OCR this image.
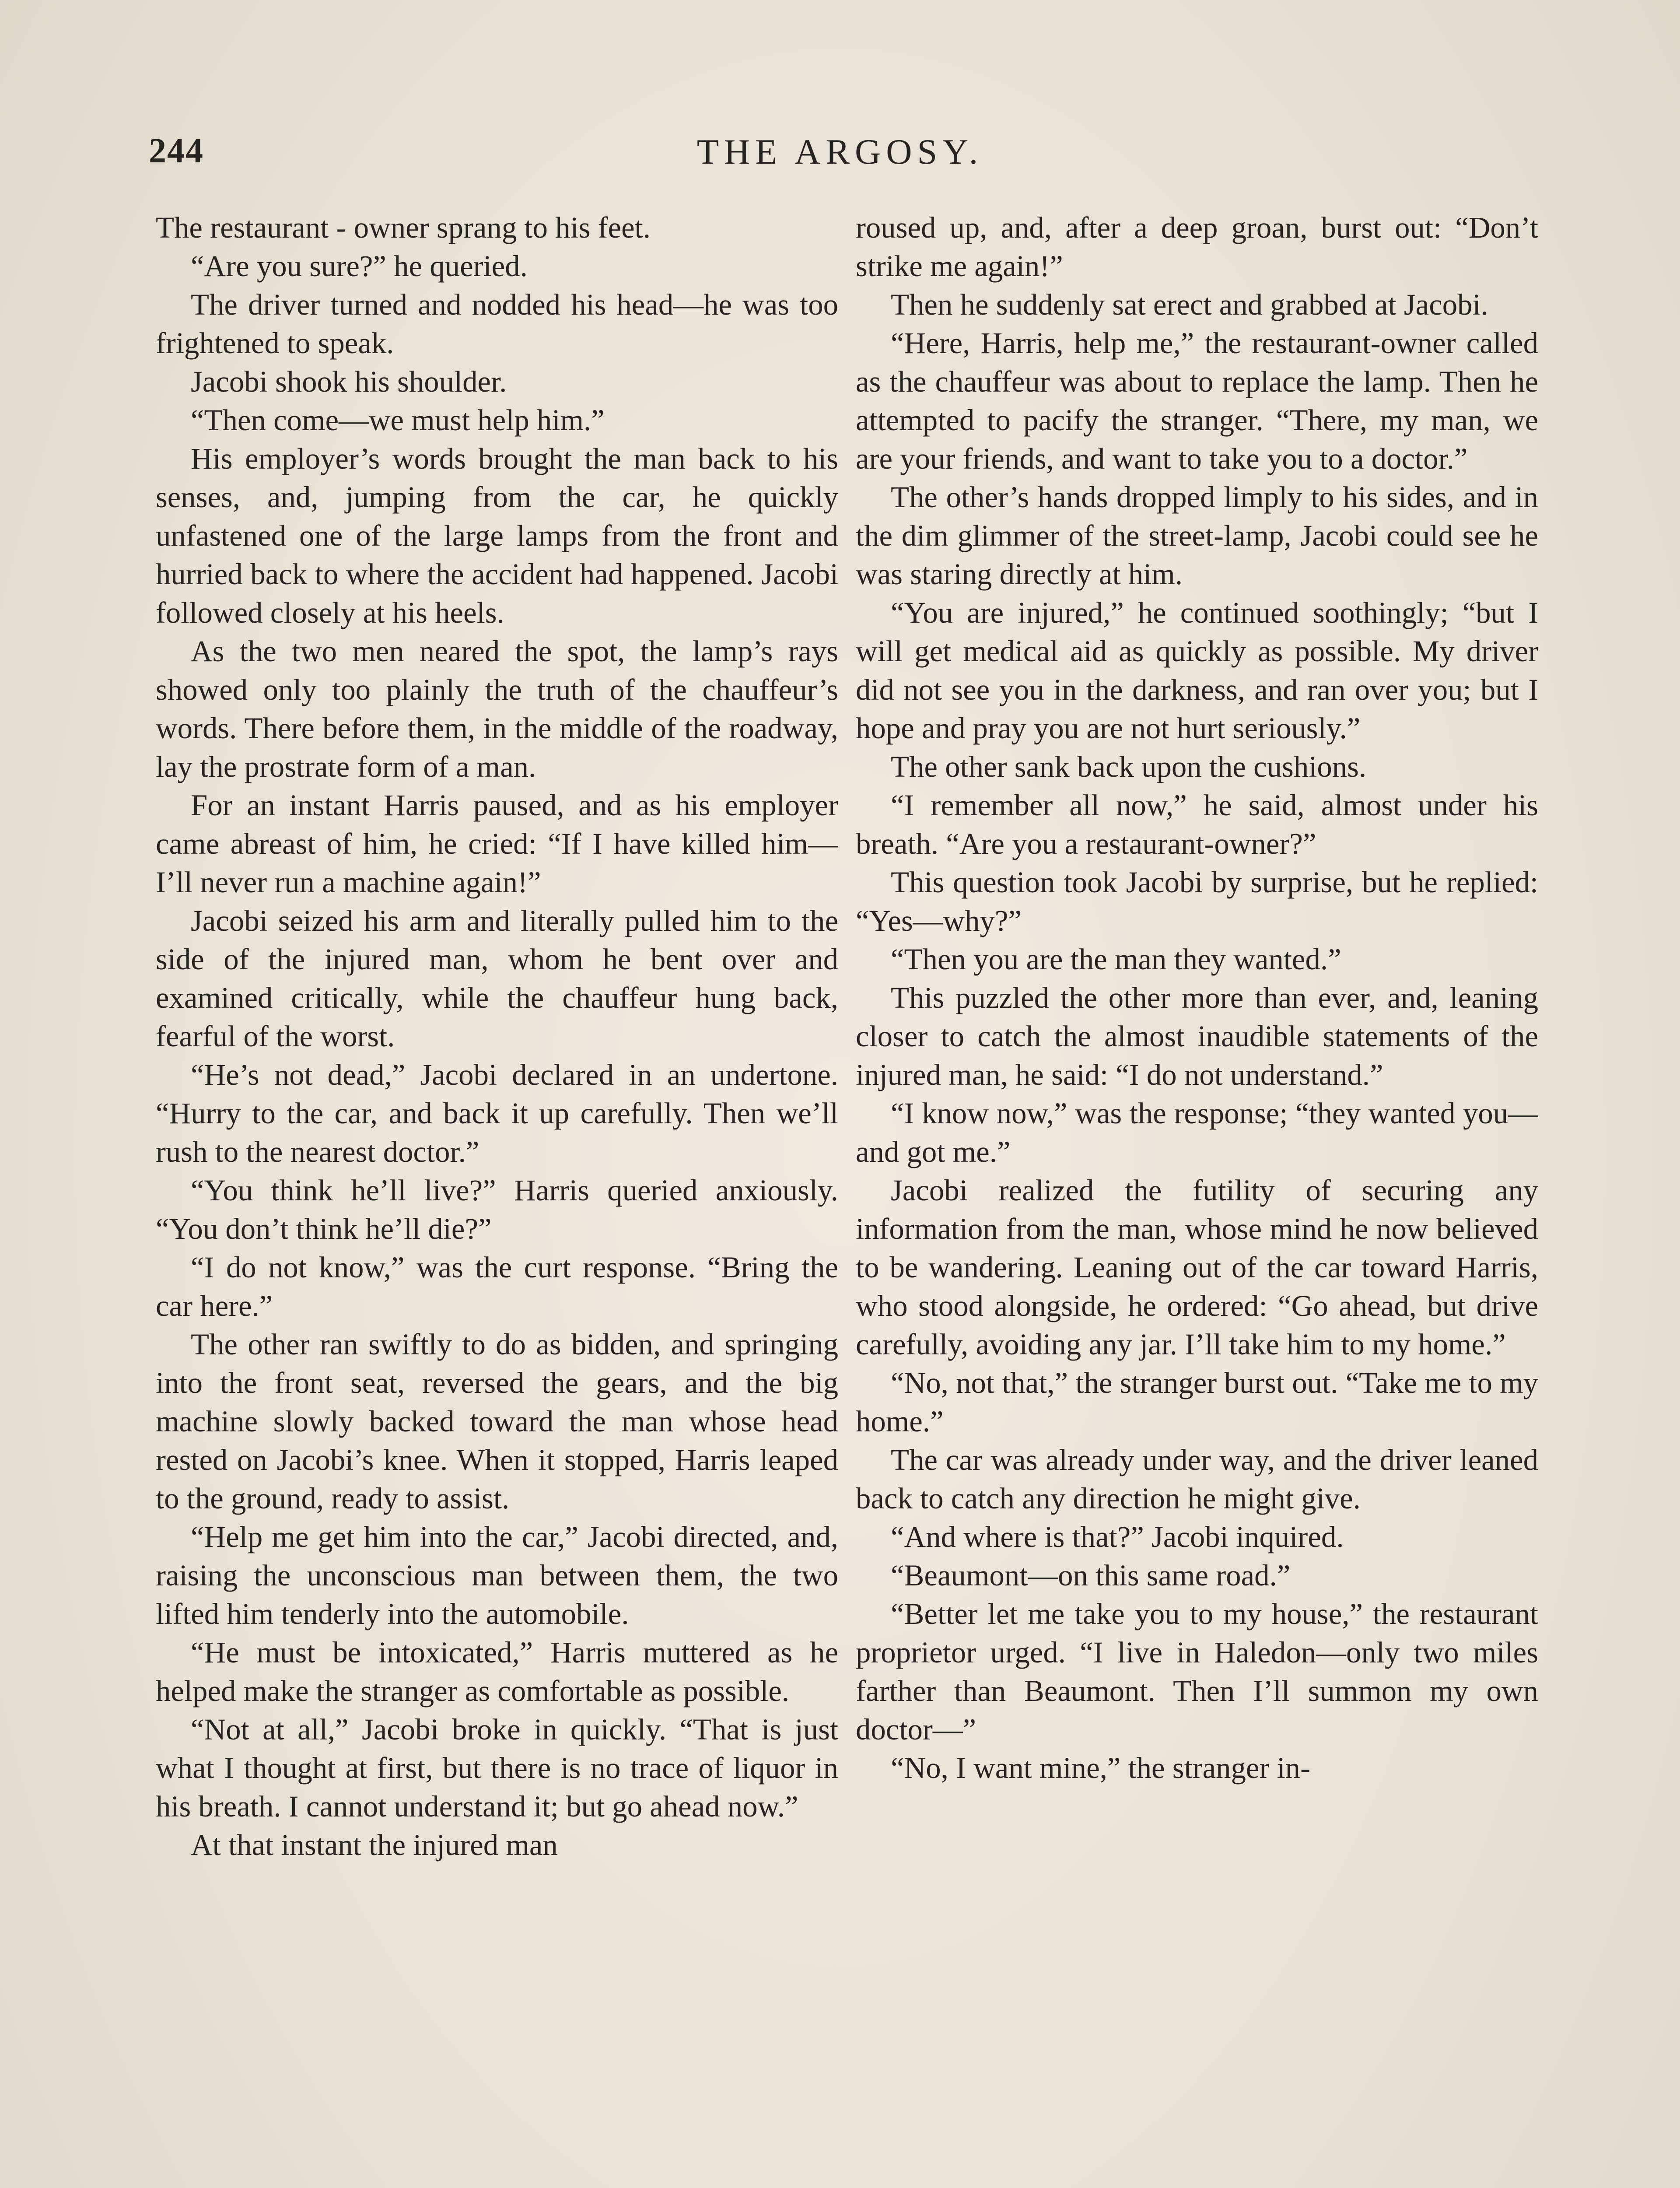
244	THE ARGOSY.

The restaurant - owner sprang to his feet.

“Are you sure?” he queried.

The driver turned and nodded his head—he was too frightened to speak.

Jacobi shook his shoulder.

“Then come—we must help him.”

His employer’s words brought the man back to his senses, and, jumping from the car, he quickly unfastened one of the large lamps from the front and hurried back to where the accident had happened. Jacobi followed closely at his heels.

As the two men neared the spot, the lamp’s rays showed only too plainly the truth of the chauffeur’s words. There before them, in the middle of the roadway, lay the prostrate form of a man.

For an instant Harris paused, and as his employer came abreast of him, he cried: “If I have killed him—I’ll never run a machine again!”

Jacobi seized his arm and literally pulled him to the side of the injured man, whom he bent over and examined critically, while the chauffeur hung back, fearful of the worst.

“He’s not dead,” Jacobi declared in an undertone. “Hurry to the car, and back it up carefully. Then we’ll rush to the nearest doctor.”

“You think he’ll live?” Harris queried anxiously. “You don’t think he’ll die?”

“I do not know,” was the curt response. “Bring the car here.”

The other ran swiftly to do as bidden, and springing into the front seat, reversed the gears, and the big machine slowly backed toward the man whose head rested on Jacobi’s knee. When it stopped, Harris leaped to the ground, ready to assist.

“Help me get him into the car,” Jacobi directed, and, raising the unconscious man between them, the two lifted him tenderly into the automobile.

“He must be intoxicated,” Harris muttered as he helped make the stranger as comfortable as possible.

“Not at all,” Jacobi broke in quickly. “That is just what I thought at first, but there is no trace of liquor in his breath. I cannot understand it; but go ahead now.”

At that instant the injured man

roused up, and, after a deep groan, burst out: “Don’t strike me again!”

Then he suddenly sat erect and grabbed at Jacobi.

“Here, Harris, help me,” the restaurant-owner called as the chauffeur was about to replace the lamp. Then he attempted to pacify the stranger. “There, my man, we are your friends, and want to take you to a doctor.”

The other’s hands dropped limply to his sides, and in the dim glimmer of the street-lamp, Jacobi could see he was staring directly at him.

“You are injured,” he continued soothingly; “but I will get medical aid as quickly as possible. My driver did not see you in the darkness, and ran over you; but I hope and pray you are not hurt seriously.”

The other sank back upon the cushions.

“I remember all now,” he said, almost under his breath. “Are you a restaurant-owner?”

This question took Jacobi by surprise, but he replied: “Yes—why?”

“Then you are the man they wanted.”

This puzzled the other more than ever, and, leaning closer to catch the almost inaudible statements of the injured man, he said: “I do not understand.”

“I know now,” was the response; “they wanted you—and got me.”

Jacobi realized the futility of securing any information from the man, whose mind he now believed to be wandering. Leaning out of the car toward Harris, who stood alongside, he ordered: “Go ahead, but drive carefully, avoiding any jar. I’ll take him to my home.”

“No, not that,” the stranger burst out. “Take me to my home.”

The car was already under way, and the driver leaned back to catch any direction he might give.

“And where is that?” Jacobi inquired.

“Beaumont—on this same road.”

“Better let me take you to my house,” the restaurant proprietor urged. “I live in Haledon—only two miles farther than Beaumont. Then I’ll summon my own doctor—”

“No, I want mine,” the stranger in-
